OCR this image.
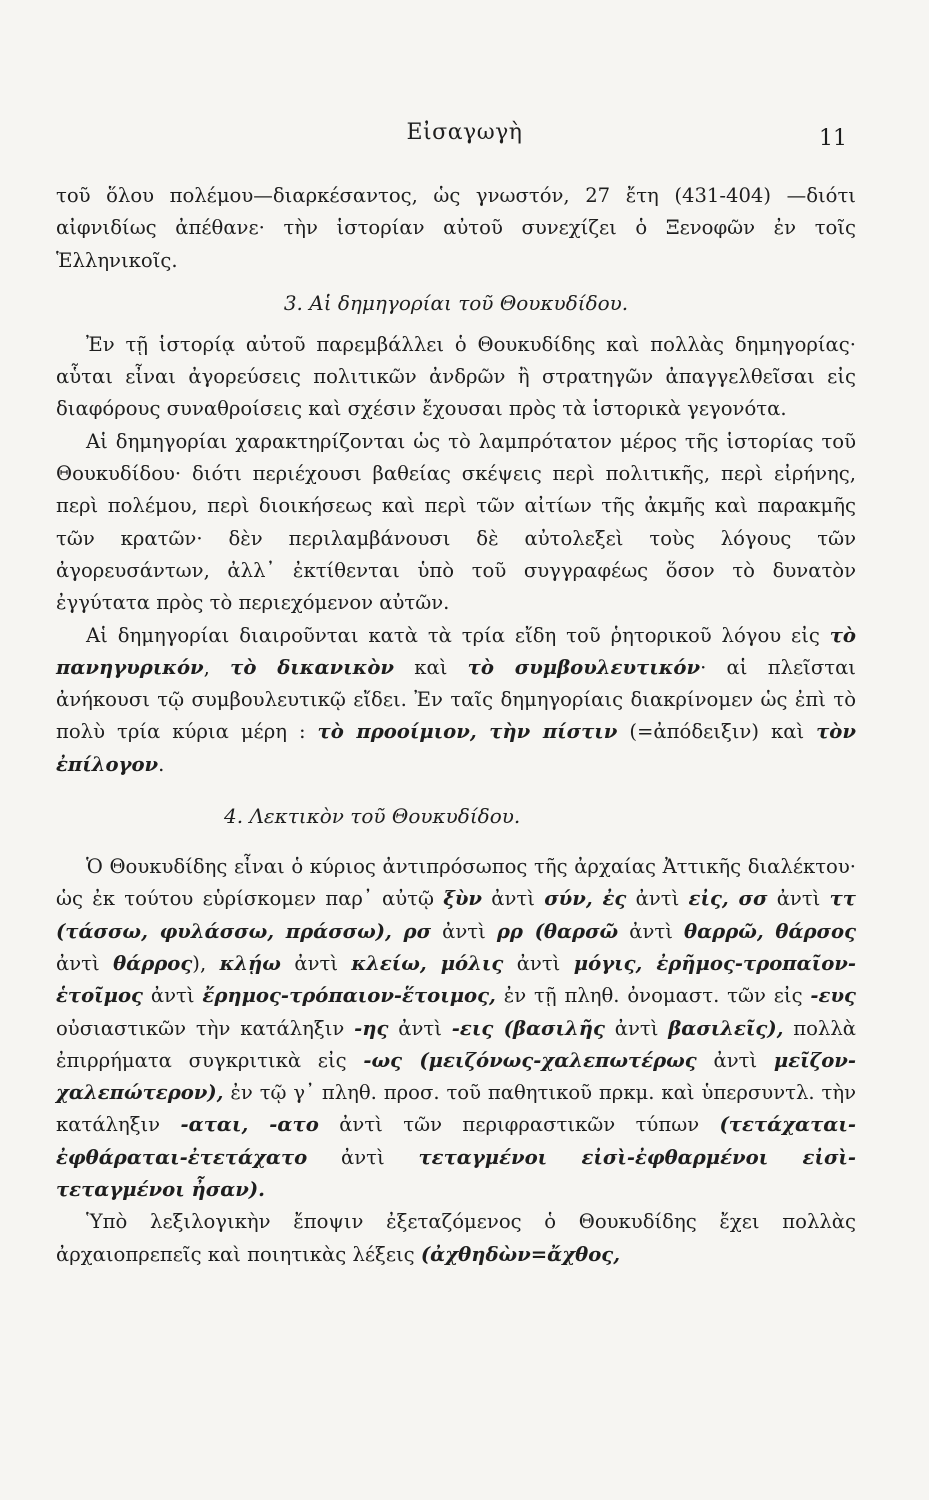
Εἰσαγωγὴ	11

τοῦ ὅλου πολέμου—διαρκέσαντος, ὡς γνωστόν, 27 ἔτη (431-404) —διότι αἰφνιδίως ἀπέθανε· τὴν ἱστορίαν αὐτοῦ συνεχίζει ὁ Ξενοφῶν ἐν τοῖς Ἑλληνικοῖς.

3. Αἱ δημηγορίαι τοῦ Θουκυδίδου.

Ἐν τῇ ἱστορίᾳ αὐτοῦ παρεμβάλλει ὁ Θουκυδίδης καὶ πολλὰς δημηγορίας· αὗται εἶναι ἀγορεύσεις πολιτικῶν ἀνδρῶν ἢ στρατηγῶν ἀπαγγελθεῖσαι εἰς διαφόρους συναθροίσεις καὶ σχέσιν ἔχουσαι πρὸς τὰ ἱστορικὰ γεγονότα.

Αἱ δημηγορίαι χαρακτηρίζονται ὡς τὸ λαμπρότατον μέρος τῆς ἱστορίας τοῦ Θουκυδίδου· διότι περιέχουσι βαθείας σκέψεις περὶ πολιτικῆς, περὶ εἰρήνης, περὶ πολέμου, περὶ διοικήσεως καὶ περὶ τῶν αἰτίων τῆς ἀκμῆς καὶ παρακμῆς τῶν κρατῶν· δὲν περιλαμβάνουσι δὲ αὐτολεξεὶ τοὺς λόγους τῶν ἀγορευσάντων, ἀλλ᾽ ἐκτίθενται ὑπὸ τοῦ συγγραφέως ὅσον τὸ δυνατὸν ἐγγύτατα πρὸς τὸ περιεχόμενον αὐτῶν.

Αἱ δημηγορίαι διαιροῦνται κατὰ τὰ τρία εἴδη τοῦ ῥητορικοῦ λόγου εἰς τὸ πανηγυρικόν, τὸ δικανικὸν καὶ τὸ συμβουλευτικόν· αἱ πλεῖσται ἀνήκουσι τῷ συμβουλευτικῷ εἴδει. Ἐν ταῖς δημηγορίαις διακρίνομεν ὡς ἐπὶ τὸ πολὺ τρία κύρια μέρη : τὸ προοίμιον, τὴν πίστιν (=ἀπόδειξιν) καὶ τὸν ἐπίλογον.

4. Λεκτικὸν τοῦ Θουκυδίδου.

Ὁ Θουκυδίδης εἶναι ὁ κύριος ἀντιπρόσωπος τῆς ἀρχαίας Ἀττικῆς διαλέκτου· ὡς ἐκ τούτου εὑρίσκομεν παρ᾽ αὐτῷ ξὺν ἀντὶ σύν, ἐς ἀντὶ εἰς, σσ ἀντὶ ττ (τάσσω, φυλάσσω, πράσσω), ρσ ἀντὶ ρρ (θαρσῶ ἀντὶ θαρρῶ, θάρσος ἀντὶ θάρρος), κλῄω ἀντὶ κλείω, μόλις ἀντὶ μόγις, ἐρῆμος-τροπαῖον-ἑτοῖμος ἀντὶ ἔρημος-τρόπαιον-ἕτοιμος, ἐν τῇ πληθ. ὀνομαστ. τῶν εἰς -ευς οὐσιαστικῶν τὴν κατάληξιν -ης ἀντὶ -εις (βασιλῆς ἀντὶ βασιλεῖς), πολλὰ ἐπιρρήματα συγκριτικὰ εἰς -ως (μειζόνως-χαλεπωτέρως ἀντὶ μεῖζον-χαλεπώτερον), ἐν τῷ γ᾽ πληθ. προσ. τοῦ παθητικοῦ πρκμ. καὶ ὑπερσυντλ. τὴν κατάληξιν -αται, -ατο ἀντὶ τῶν περιφραστικῶν τύπων (τετάχαται-ἐφθάραται-ἐτετάχατο ἀντὶ τεταγμένοι εἰσὶ-ἐφθαρμένοι εἰσὶ-τεταγμένοι ἦσαν).

Ὑπὸ λεξιλογικὴν ἔποψιν ἐξεταζόμενος ὁ Θουκυδίδης ἔχει πολλὰς ἀρχαιοπρεπεῖς καὶ ποιητικὰς λέξεις (ἀχθηδὼν=ἄχθος,
